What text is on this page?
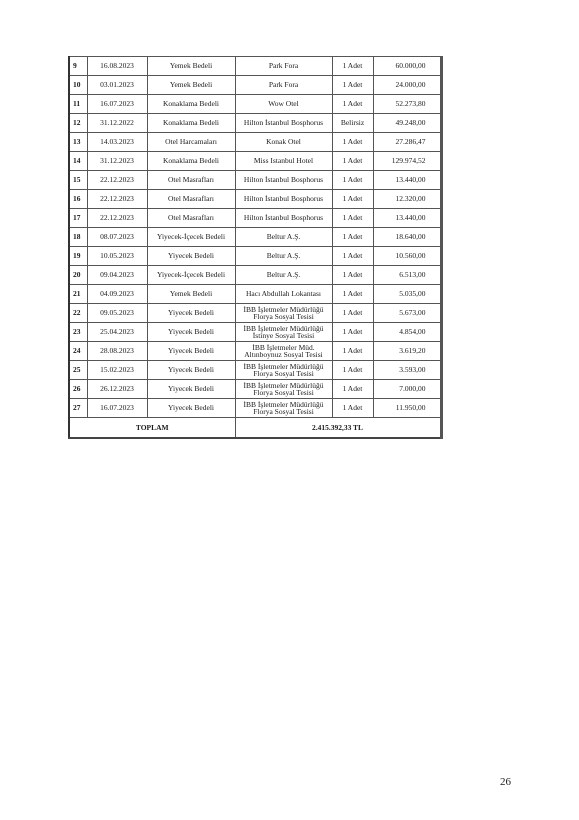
9	16.08.2023	Yemek Bedeli	Park Fora	1 Adet	60.000,00
10	03.01.2023	Yemek Bedeli	Park Fora	1 Adet	24.000,00
11	16.07.2023	Konaklama Bedeli	Wow Otel	1 Adet	52.273,80
12	31.12.2022	Konaklama Bedeli	Hilton İstanbul Bosphorus	Belirsiz	49.248,00
13	14.03.2023	Otel Harcamaları	Konak Otel	1 Adet	27.286,47
14	31.12.2023	Konaklama Bedeli	Miss Istanbul Hotel	1 Adet	129.974,52
15	22.12.2023	Otel Masrafları	Hilton İstanbul Bosphorus	1 Adet	13.440,00
16	22.12.2023	Otel Masrafları	Hilton İstanbul Bosphorus	1 Adet	12.320,00
17	22.12.2023	Otel Masrafları	Hilton İstanbul Bosphorus	1 Adet	13.440,00
18	08.07.2023	Yiyecek-İçecek Bedeli	Beltur A.Ş.	1 Adet	18.640,00
19	10.05.2023	Yiyecek Bedeli	Beltur A.Ş.	1 Adet	10.560,00
20	09.04.2023	Yiyecek-İçecek Bedeli	Beltur A.Ş.	1 Adet	6.513,00
21	04.09.2023	Yemek Bedeli	Hacı Abdullah Lokantası	1 Adet	5.035,00
22	09.05.2023	Yiyecek Bedeli	İBB İşletmeler Müdürlüğü
Florya Sosyal Tesisi	1 Adet	5.673,00
23	25.04.2023	Yiyecek Bedeli	İBB İşletmeler Müdürlüğü
İstinye Sosyal Tesisi	1 Adet	4.854,00
24	28.08.2023	Yiyecek Bedeli	İBB İşletmeler Müd.
Altınboynuz Sosyal Tesisi	1 Adet	3.619,20
25	15.02.2023	Yiyecek Bedeli	İBB İşletmeler Müdürlüğü
Florya Sosyal Tesisi	1 Adet	3.593,00
26	26.12.2023	Yiyecek Bedeli	İBB İşletmeler Müdürlüğü
Florya Sosyal Tesisi	1 Adet	7.000,00
27	16.07.2023	Yiyecek Bedeli	İBB İşletmeler Müdürlüğü
Florya Sosyal Tesisi	1 Adet	11.950,00
TOPLAM			2.415.392,33 TL		
26
